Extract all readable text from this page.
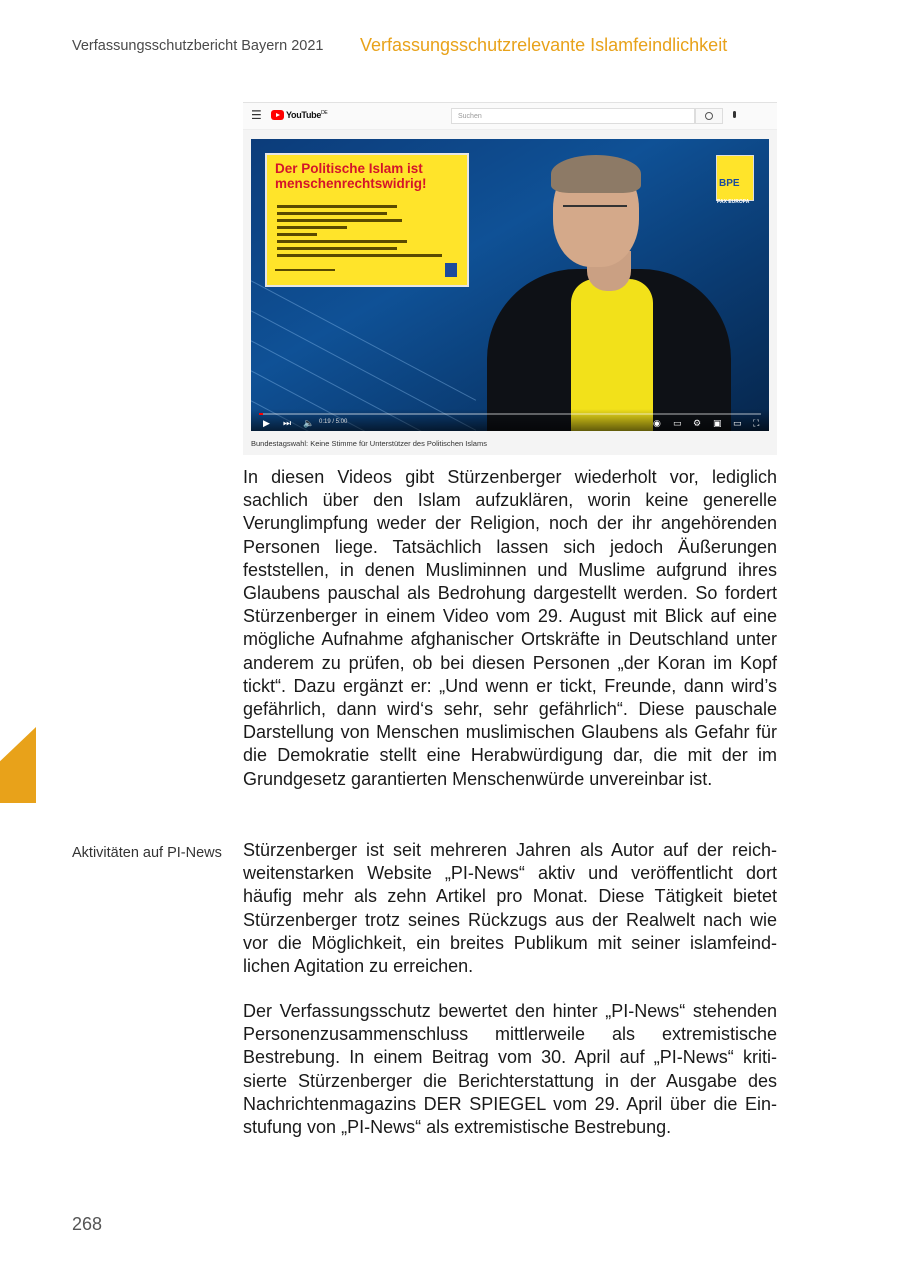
Verfassungsschutzbericht Bayern 2021 Verfassungsschutzrelevante Islamfeindlichkeit
☰	YouTube$^{DE}$	Suchen
Der Politische Islam ist menschenrechtswidrig!	BPE
PAX EUROPA
▶ ⏭ 🔈 0:19 / 5:00	◉ ▭ ⚙ ▣ ▭ ⛶
Bundestagswahl: Keine Stimme für Unterstützer des Politischen Islams

In diesen Videos gibt Stürzenberger wiederholt vor, lediglich sachlich über den Islam aufzuklären, worin keine generelle Verunglimpfung weder der Religion, noch der ihr angehörenden Personen liege. Tatsächlich lassen sich jedoch Äußerungen feststellen, in denen Musliminnen und Muslime aufgrund ihres Glaubens pauschal als Bedrohung dargestellt werden. So fordert Stürzenberger in einem Video vom 29. August mit Blick auf eine mögliche Aufnahme afghanischer Ortskräfte in Deutschland unter anderem zu prüfen, ob bei diesen Personen „der Koran im Kopf tickt“. Dazu ergänzt er: „Und wenn er tickt, Freunde, dann wird’s gefährlich, dann wird‘s sehr, sehr gefährlich“. Diese pauschale Darstellung von Menschen muslimischen Glaubens als Gefahr für die Demokratie stellt eine Herabwürdigung dar, die mit der im Grundgesetz garantierten Menschenwürde unvereinbar ist.

Aktivitäten auf PI-News Stürzenberger ist seit mehreren Jahren als Autor auf der reichweitenstarken Website „PI-News“ aktiv und veröffentlicht dort häufig mehr als zehn Artikel pro Monat. Diese Tätigkeit bietet Stürzenberger trotz seines Rückzugs aus der Realwelt nach wie vor die Möglichkeit, ein breites Publikum mit seiner islamfeindlichen Agitation zu erreichen.

Der Verfassungsschutz bewertet den hinter „PI-News“ stehenden Personenzusammenschluss mittlerweile als extremistische Bestrebung. In einem Beitrag vom 30. April auf „PI-News“ kritisierte Stürzenberger die Berichterstattung in der Ausgabe des Nachrichtenmagazins DER SPIEGEL vom 29. April über die Einstufung von „PI-News“ als extremistische Bestrebung.

268
